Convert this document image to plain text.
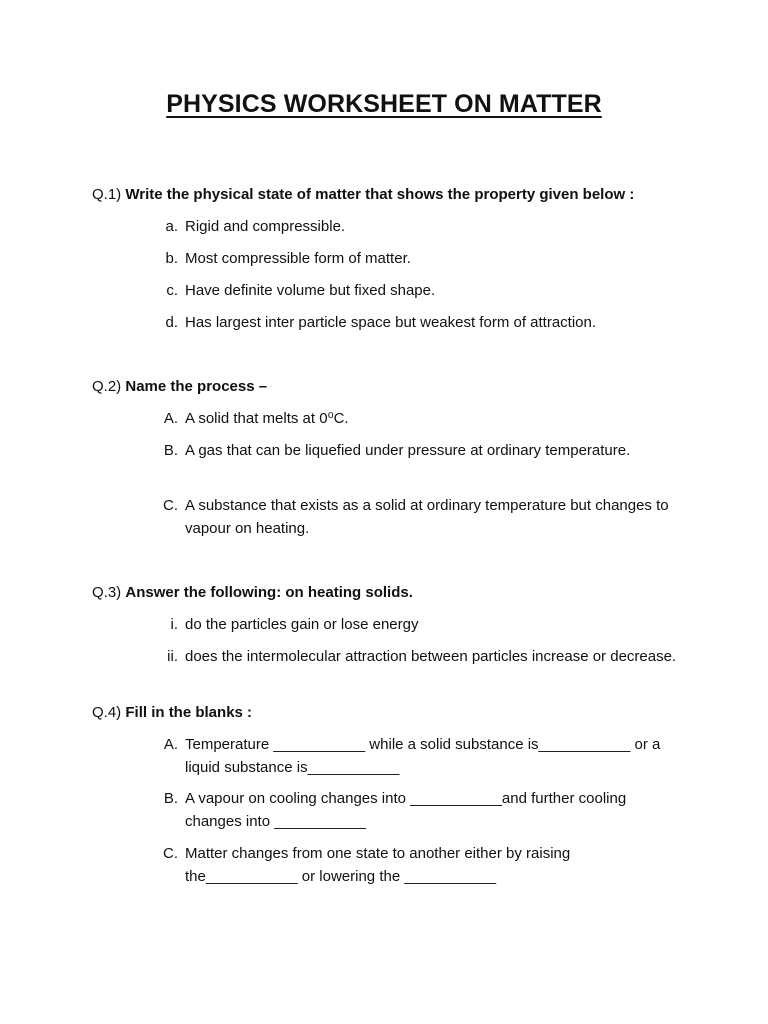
PHYSICS WORKSHEET ON MATTER
Q.1) Write the physical state of matter that shows the property given below :
a. Rigid and compressible.
b. Most compressible form of matter.
c. Have definite volume but fixed shape.
d. Has largest inter particle space but weakest form of attraction.
Q.2) Name the process –
A. A solid that melts at 0⁰C.
B. A gas that can be liquefied under pressure at ordinary temperature.
C. A substance that exists as a solid at ordinary temperature but changes to vapour on heating.
Q.3) Answer the following: on heating solids.
i. do the particles gain or lose energy
ii. does the intermolecular attraction between particles increase or decrease.
Q.4) Fill in the blanks :
A. Temperature ___________ while a solid substance is___________ or a liquid substance is___________
B. A vapour on cooling changes into ___________and further cooling changes into ___________
C. Matter changes from one state to another either by raising the___________ or lowering the ___________
